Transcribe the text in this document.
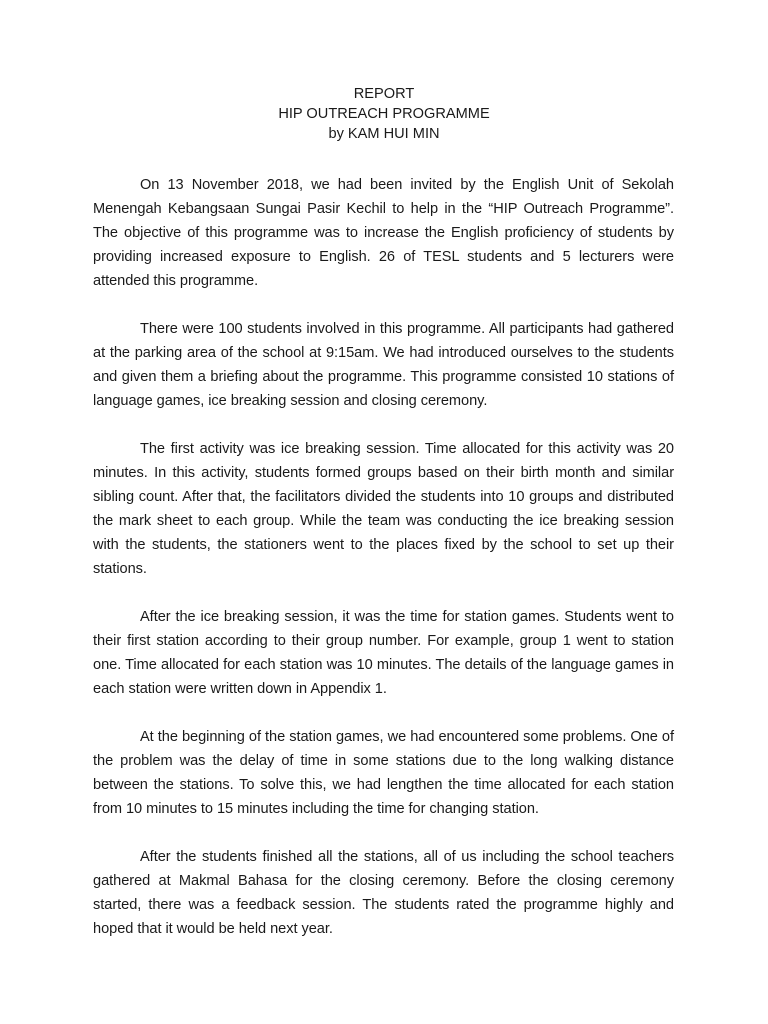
REPORT
HIP OUTREACH PROGRAMME
by KAM HUI MIN

On 13 November 2018, we had been invited by the English Unit of Sekolah Menengah Kebangsaan Sungai Pasir Kechil to help in the “HIP Outreach Programme”. The objective of this programme was to increase the English proficiency of students by providing increased exposure to English. 26 of TESL students and 5 lecturers were attended this programme.

There were 100 students involved in this programme. All participants had gathered at the parking area of the school at 9:15am. We had introduced ourselves to the students and given them a briefing about the programme. This programme consisted 10 stations of language games, ice breaking session and closing ceremony.

The first activity was ice breaking session. Time allocated for this activity was 20 minutes. In this activity, students formed groups based on their birth month and similar sibling count. After that, the facilitators divided the students into 10 groups and distributed the mark sheet to each group. While the team was conducting the ice breaking session with the students, the stationers went to the places fixed by the school to set up their stations.

After the ice breaking session, it was the time for station games. Students went to their first station according to their group number. For example, group 1 went to station one. Time allocated for each station was 10 minutes. The details of the language games in each station were written down in Appendix 1.

At the beginning of the station games, we had encountered some problems. One of the problem was the delay of time in some stations due to the long walking distance between the stations. To solve this, we had lengthen the time allocated for each station from 10 minutes to 15 minutes including the time for changing station.

After the students finished all the stations, all of us including the school teachers gathered at Makmal Bahasa for the closing ceremony. Before the closing ceremony started, there was a feedback session. The students rated the programme highly and hoped that it would be held next year.
